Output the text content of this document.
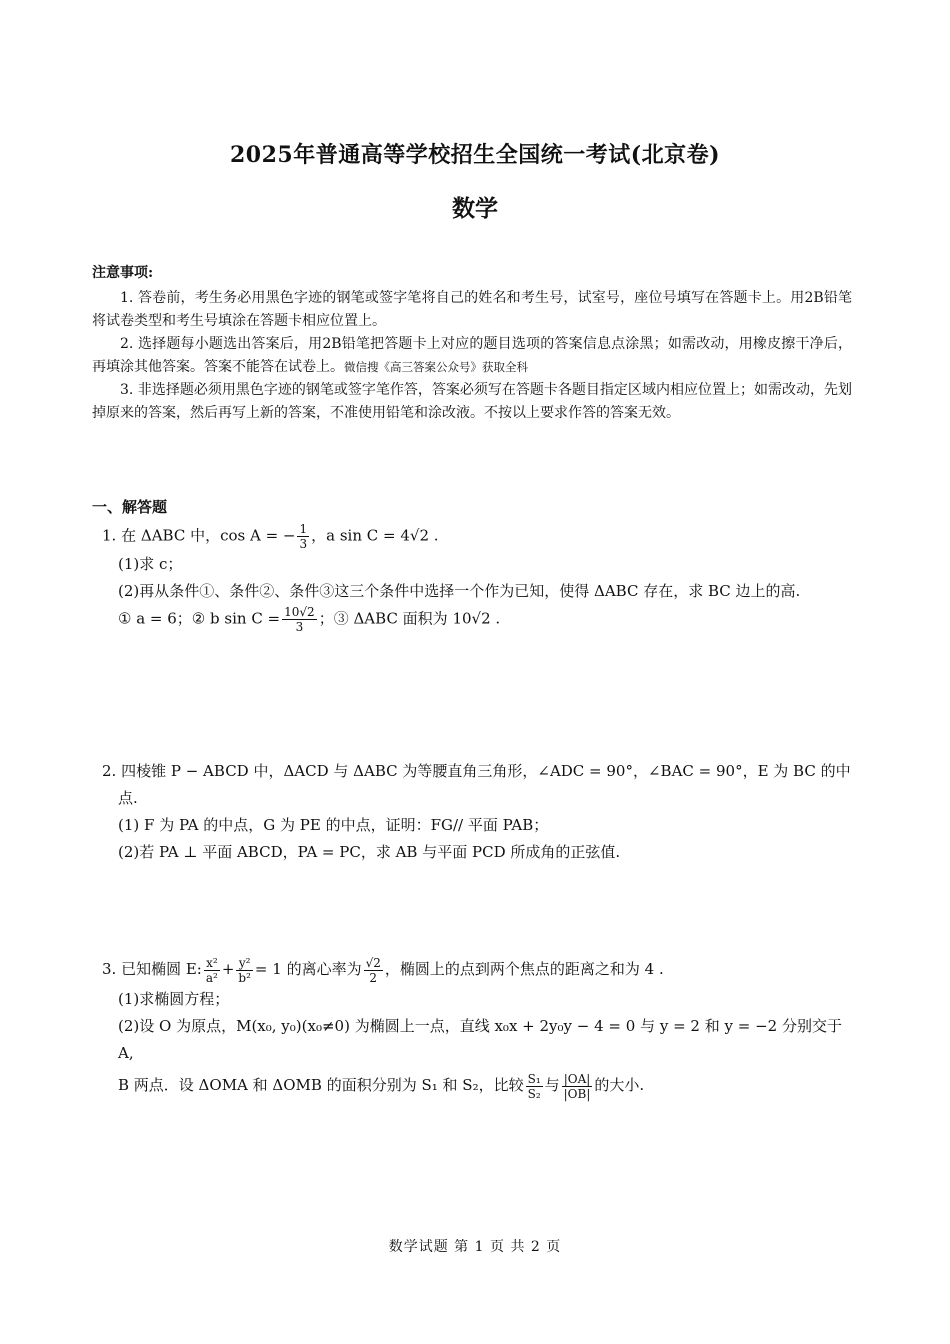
2025年普通高等学校招生全国统一考试(北京卷)
数学
注意事项:

1. 答卷前，考生务必用黑色字迹的钢笔或签字笔将自己的姓名和考生号，试室号，座位号填写在答题卡上。用2B铅笔将试卷类型和考生号填涂在答题卡相应位置上。

2. 选择题每小题选出答案后，用2B铅笔把答题卡上对应的题目选项的答案信息点涂黑；如需改动，用橡皮擦干净后，再填涂其他答案。答案不能答在试卷上。微信搜《高三答案公众号》获取全科

3. 非选择题必须用黑色字迹的钢笔或签字笔作答，答案必须写在答题卡各题目指定区域内相应位置上；如需改动，先划掉原来的答案，然后再写上新的答案，不准使用铅笔和涂改液。不按以上要求作答的答案无效。

一、解答题
1. 在 ΔABC 中，cos A = − $\frac{1}{3}$ ，a sin C = 4√2 .
(1)求 c；
(2)再从条件①、条件②、条件③这三个条件中选择一个作为已知，使得 ΔABC 存在，求 BC 边上的高.
① a = 6；② b $\sin C = \frac{10√2}{3}$ ；③ ΔABC 面积为 10√2 .
2. 四棱锥 P − ABCD 中，ΔACD 与 ΔABC 为等腰直角三角形，∠ADC = 90°，∠BAC = 90°，E 为 BC 的中
点.
(1) F 为 PA 的中点，G 为 PE 的中点，证明：FG// 平面 PAB；
(2)若 PA ⊥ 平面 ABCD，PA = PC，求 AB 与平面 PCD 所成角的正弦值.
3. 已知椭圆 E: $\frac{\text{x²}}{\text{a²}} + \frac{\text{y²}}{\text{b²}} = 1$ 的离心率为 $\frac{√2}{2}$ ，椭圆上的点到两个焦点的距离之和为 4 .
(1)求椭圆方程；
(2)设 O 为原点，M(x₀, y₀)(x₀≠0) 为椭圆上一点，直线 x₀x + 2y₀y − 4 = 0 与 y = 2 和 y = −2 分别交于 A,
B 两点．设 ΔOMA 和 ΔOMB 的面积分别为 S₁ 和 S₂，比较 $\frac{\text{S₁}}{\text{S₂}}$ 与 $\frac{|OA|}{|OB|}$ 的大小.
数学试题 第 1 页 共 2 页
